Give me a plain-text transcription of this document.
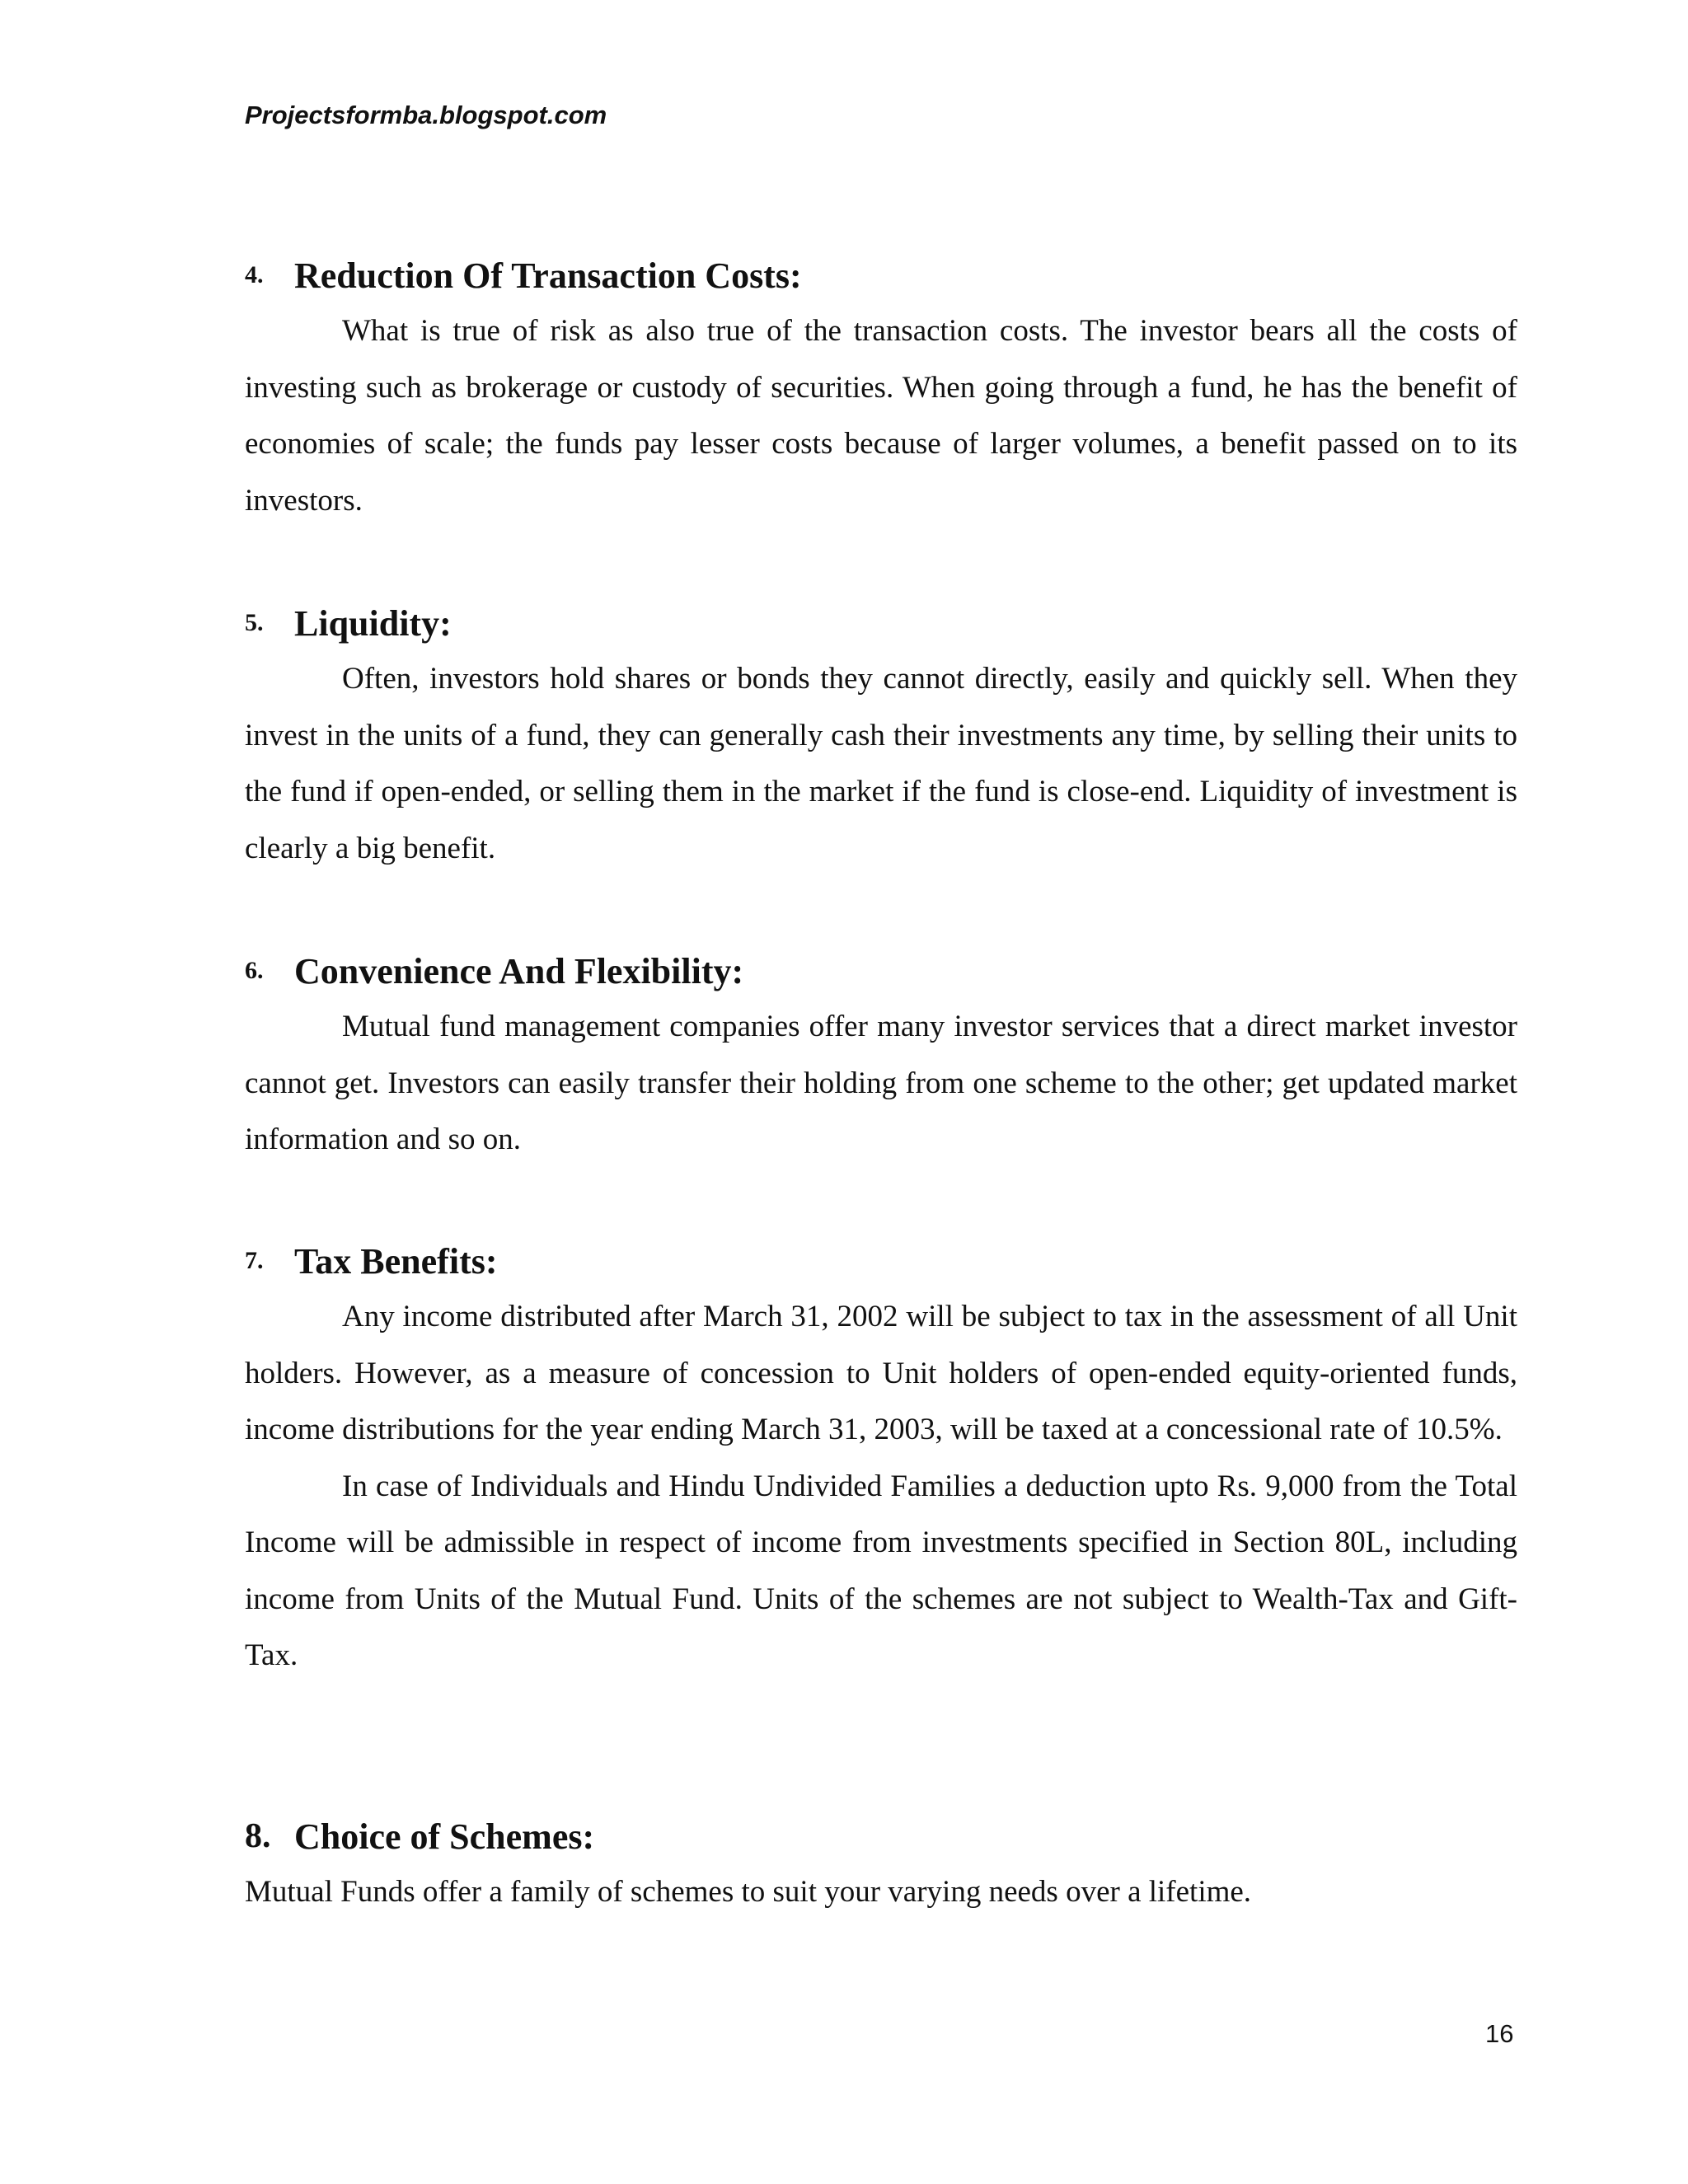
Projectsformba.blogspot.com
4. Reduction Of Transaction Costs:

What is true of risk as also true of the transaction costs. The investor bears all the costs of investing such as brokerage or custody of securities. When going through a fund, he has the benefit of economies of scale; the funds pay lesser costs because of larger volumes, a benefit passed on to its investors.

5. Liquidity:

Often, investors hold shares or bonds they cannot directly, easily and quickly sell. When they invest in the units of a fund, they can generally cash their investments any time, by selling their units to the fund if open-ended, or selling them in the market if the fund is close-end. Liquidity of investment is clearly a big benefit.

6. Convenience And Flexibility:

Mutual fund management companies offer many investor services that a direct market investor cannot get. Investors can easily transfer their holding from one scheme to the other; get updated market information and so on.

7. Tax Benefits:

Any income distributed after March 31, 2002 will be subject to tax in the assessment of all Unit holders. However, as a measure of concession to Unit holders of open-ended equity-oriented funds, income distributions for the year ending March 31, 2003, will be taxed at a concessional rate of 10.5%.

In case of Individuals and Hindu Undivided Families a deduction upto Rs. 9,000 from the Total Income will be admissible in respect of income from investments specified in Section 80L, including income from Units of the Mutual Fund. Units of the schemes are not subject to Wealth-Tax and Gift-Tax.

8. Choice of Schemes:

Mutual Funds offer a family of schemes to suit your varying needs over a lifetime.

16
